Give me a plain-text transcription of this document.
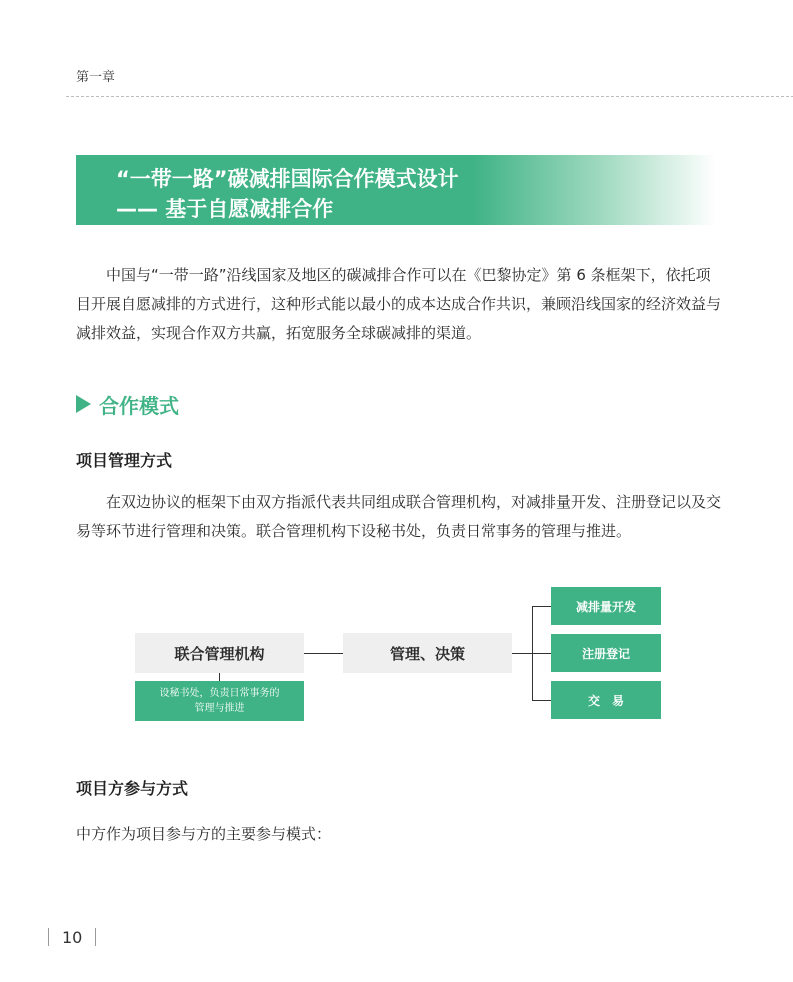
第一章
“一带一路”碳减排国际合作模式设计
—— 基于自愿减排合作
中国与“一带一路”沿线国家及地区的碳减排合作可以在《巴黎协定》第 6 条框架下，依托项目开展自愿减排的方式进行，这种形式能以最小的成本达成合作共识，兼顾沿线国家的经济效益与减排效益，实现合作双方共赢，拓宽服务全球碳减排的渠道。
合作模式
项目管理方式
在双边协议的框架下由双方指派代表共同组成联合管理机构，对减排量开发、注册登记以及交易等环节进行管理和决策。联合管理机构下设秘书处，负责日常事务的管理与推进。
联合管理机构	管理、决策
设秘书处，负责日常事务的
管理与推进
减排量开发
注册登记
交　易
项目方参与方式
中方作为项目参与方的主要参与模式：
10
